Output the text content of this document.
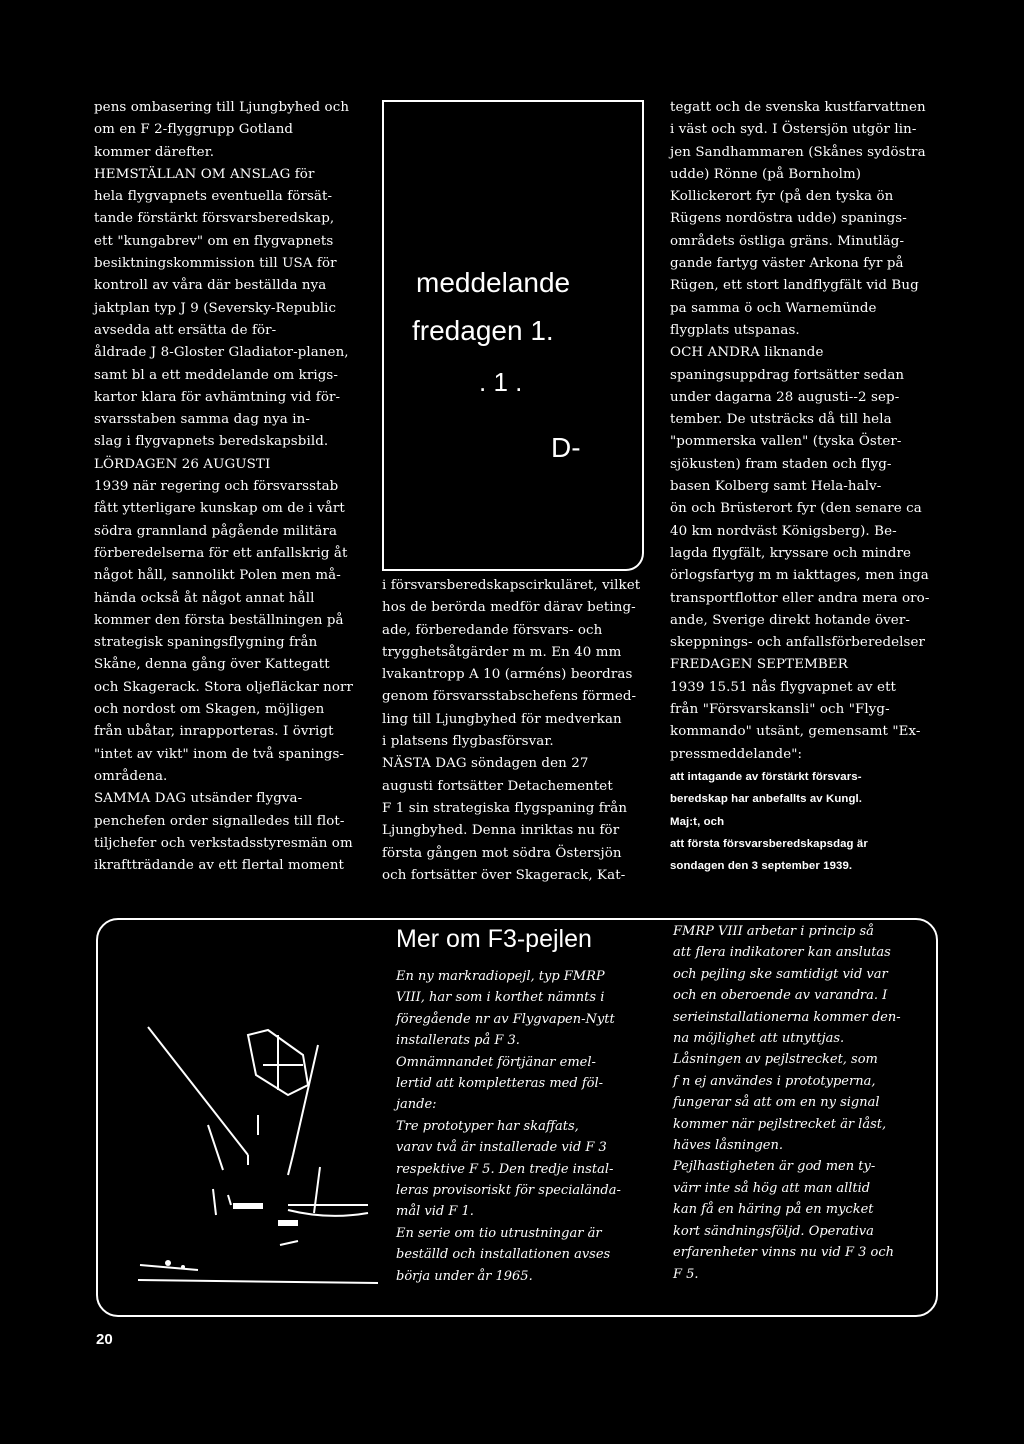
pens ombasering till Ljungbyhed och

om en F 2-flyggrupp Gotland

kommer därefter.

HEMSTÄLLAN OM ANSLAG för

hela flygvapnets eventuella försät-

tande förstärkt försvarsberedskap,

ett "kungabrev" om en flygvapnets

besiktningskommission till USA för

kontroll av våra där beställda nya

jaktplan typ J 9 (Seversky-Republic

avsedda att ersätta de för-

åldrade J 8-Gloster Gladiator-planen,

samt bl a ett meddelande om krigs-

kartor klara för avhämtning vid för-

svarsstaben samma dag nya in-

slag i flygvapnets beredskapsbild.

LÖRDAGEN 26 AUGUSTI

1939 när regering och försvarsstab

fått ytterligare kunskap om de i vårt

södra grannland pågående militära

förberedelserna för ett anfallskrig åt

något håll, sannolikt Polen men må-

hända också åt något annat håll

kommer den första beställningen på

strategisk spaningsflygning från

Skåne, denna gång över Kattegatt

och Skagerack. Stora oljefläckar norr

och nordost om Skagen, möjligen

från ubåtar, inrapporteras. I övrigt

"intet av vikt" inom de två spanings-

områdena.

SAMMA DAG utsänder flygva-

penchefen order signalledes till flot-

tiljchefer och verkstadsstyresmän om

ikraftträdande av ett flertal moment

meddelande
fredagen 1.
. 1 .
D-

i försvarsberedskapscirkuläret, vilket

hos de berörda medför därav beting-

ade, förberedande försvars- och

trygghetsåtgärder m m. En 40 mm

lvakantropp A 10 (arméns) beordras

genom försvarsstabschefens förmed-

ling till Ljungbyhed för medverkan

i platsens flygbasförsvar.

NÄSTA DAG söndagen den 27

augusti fortsätter Detachementet

F 1 sin strategiska flygspaning från

Ljungbyhed. Denna inriktas nu för

första gången mot södra Östersjön

och fortsätter över Skagerack, Kat-

tegatt och de svenska kustfarvattnen

i väst och syd. I Östersjön utgör lin-

jen Sandhammaren (Skånes sydöstra

udde) Rönne (på Bornholm)

Kollickerort fyr (på den tyska ön

Rügens nordöstra udde) spanings-

områdets östliga gräns. Minutläg-

gande fartyg väster Arkona fyr på

Rügen, ett stort landflygfält vid Bug

pa samma ö och Warnemünde

flygplats utspanas.

OCH ANDRA liknande

spaningsuppdrag fortsätter sedan

under dagarna 28 augusti--2 sep-

tember. De utsträcks då till hela

"pommerska vallen" (tyska Öster-

sjökusten) fram staden och flyg-

basen Kolberg samt Hela-halv-

ön och Brüsterort fyr (den senare ca

40 km nordväst Königsberg). Be-

lagda flygfält, kryssare och mindre

örlogsfartyg m m iakttages, men inga

transportflottor eller andra mera oro-

ande, Sverige direkt hotande över-

skeppnings- och anfallsförberedelser

FREDAGEN SEPTEMBER

1939 15.51 nås flygvapnet av ett

från "Försvarskansli" och "Flyg-

kommando" utsänt, gemensamt "Ex-

pressmeddelande":

att intagande av förstärkt försvars-

beredskap har anbefallts av Kungl.

Maj:t, och

att första försvarsberedskapsdag är

sondagen den 3 september 1939.

Mer om F3-pejlen

En ny markradiopejl, typ FMRP

VIII, har som i korthet nämnts i

föregående nr av Flygvapen-Nytt

installerats på F 3.

Omnämnandet förtjänar emel-

lertid att kompletteras med föl-

jande:

Tre prototyper har skaffats,

varav två är installerade vid F 3

respektive F 5. Den tredje instal-

leras provisoriskt för specialända-

mål vid F 1.

En serie om tio utrustningar är

beställd och installationen avses

börja under år 1965.

FMRP VIII arbetar i princip så

att flera indikatorer kan anslutas

och pejling ske samtidigt vid var

och en oberoende av varandra. I

serieinstallationerna kommer den-

na möjlighet att utnyttjas.

Låsningen av pejlstrecket, som

f n ej användes i prototyperna,

fungerar så att om en ny signal

kommer när pejlstrecket är låst,

häves låsningen.

Pejlhastigheten är god men ty-

värr inte så hög att man alltid

kan få en häring på en mycket

kort sändningsföljd. Operativa

erfarenheter vinns nu vid F 3 och

F 5.

20
